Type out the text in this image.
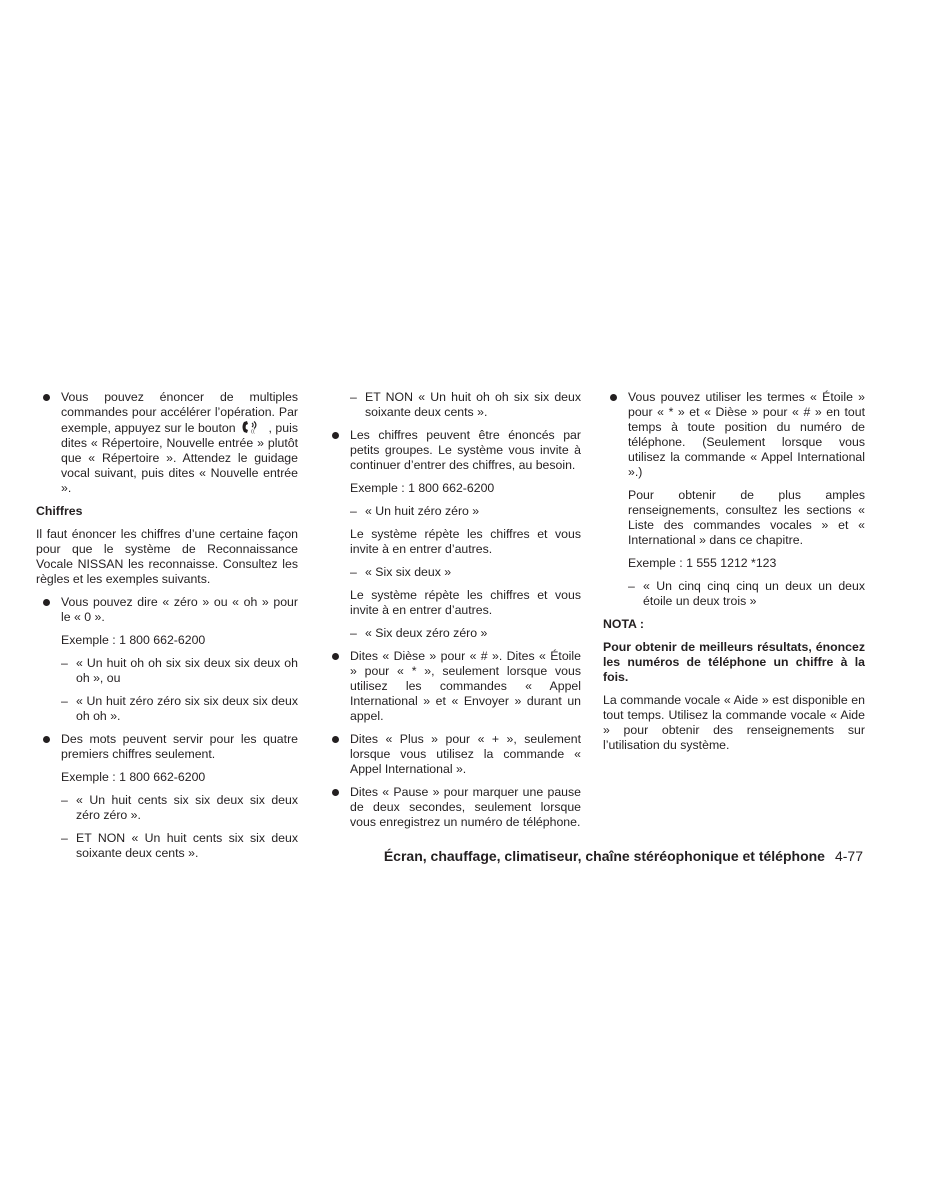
Vous pouvez énoncer de multiples commandes pour accélérer l’opération. Par exemple, appuyez sur le bouton	(( , puis dites « Répertoire, Nouvelle entrée » plutôt que « Répertoire ». Attendez le guidage vocal suivant, puis dites « Nouvelle entrée ».
Chiffres
Il faut énoncer les chiffres d’une certaine façon pour que le système de Reconnaissance Vocale NISSAN les reconnaisse. Consultez les règles et les exemples suivants.
Vous pouvez dire « zéro » ou « oh » pour le « 0 ».
Exemple : 1 800 662-6200
– « Un huit oh oh six six deux six deux oh oh », ou
– « Un huit zéro zéro six six deux six deux oh oh ».
Des mots peuvent servir pour les quatre premiers chiffres seulement.
Exemple : 1 800 662-6200
– « Un huit cents six six deux six deux zéro zéro ».
– ET NON « Un huit cents six six deux soixante deux cents ».
– ET NON « Un huit oh oh six six deux soixante deux cents ».
Les chiffres peuvent être énoncés par petits groupes. Le système vous invite à continuer d’entrer des chiffres, au besoin.
Exemple : 1 800 662-6200
– « Un huit zéro zéro »
Le système répète les chiffres et vous invite à en entrer d’autres.
– « Six six deux »
Le système répète les chiffres et vous invite à en entrer d’autres.
– « Six deux zéro zéro »
Dites « Dièse » pour « # ». Dites « Étoile » pour « * », seulement lorsque vous utilisez les commandes « Appel International » et « Envoyer » durant un appel.
Dites « Plus » pour « + », seulement lorsque vous utilisez la commande « Appel International ».
Dites « Pause » pour marquer une pause de deux secondes, seulement lorsque vous enregistrez un numéro de téléphone.
Vous pouvez utiliser les termes « Étoile » pour « * » et « Dièse » pour « # » en tout temps à toute position du numéro de téléphone. (Seulement lorsque vous utilisez la commande « Appel International ».)
Pour obtenir de plus amples renseignements, consultez les sections « Liste des commandes vocales » et « International » dans ce chapitre.
Exemple : 1 555 1212 *123
– « Un cinq cinq cinq un deux un deux étoile un deux trois »
NOTA :
Pour obtenir de meilleurs résultats, énoncez les numéros de téléphone un chiffre à la fois.
La commande vocale « Aide » est disponible en tout temps. Utilisez la commande vocale « Aide » pour obtenir des renseignements sur l’utilisation du système.
Écran, chauffage, climatiseur, chaîne stéréophonique et téléphone 4-77
